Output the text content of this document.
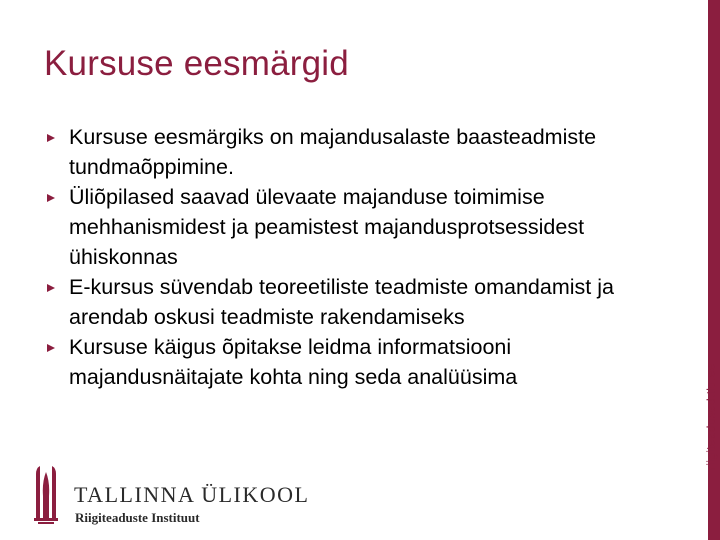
Kursuse eesmärgid
Kursuse eesmärgiks on majandusalaste baasteadmiste tundmaõppimine.
Üliõpilased saavad ülevaate majanduse toimimise mehhanismidest ja peamistest majandusprotsessidest ühiskonnas
E-kursus süvendab teoreetiliste teadmiste omandamist ja arendab oskusi teadmiste rakendamiseks
Kursuse käigus õpitakse leidma informatsiooni majandusnäitajate kohta ning seda analüüsima
TALLINNA ÜLIKOOL
Riigiteaduste Instituut
riigiteadused.tlu.ee
